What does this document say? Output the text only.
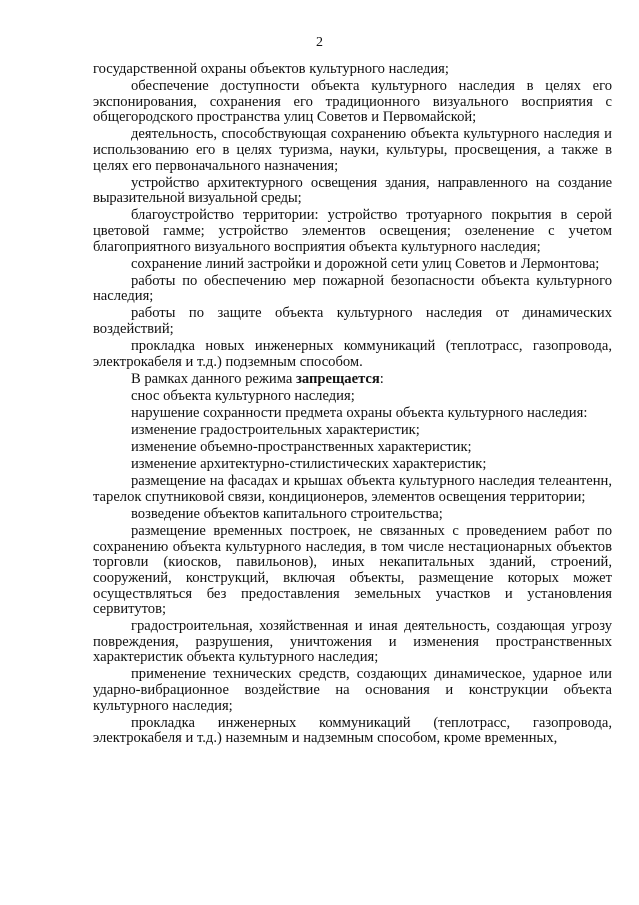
2

государственной охраны объектов культурного наследия;

обеспечение доступности объекта культурного наследия в целях его экспонирования, сохранения его традиционного визуального восприятия с общегородского пространства улиц Советов и Первомайской;

деятельность, способствующая сохранению объекта культурного наследия и использованию его в целях туризма, науки, культуры, просвещения, а также в целях его первоначального назначения;

устройство архитектурного освещения здания, направленного на создание выразительной визуальной среды;

благоустройство территории: устройство тротуарного покрытия в серой цветовой гамме; устройство элементов освещения; озеленение с учетом благоприятного визуального восприятия объекта культурного наследия;

сохранение линий застройки и дорожной сети улиц Советов и Лермонтова;

работы по обеспечению мер пожарной безопасности объекта культурного наследия;

работы по защите объекта культурного наследия от динамических воздействий;

прокладка новых инженерных коммуникаций (теплотрасс, газопровода, электрокабеля и т.д.) подземным способом.

В рамках данного режима запрещается:

снос объекта культурного наследия;

нарушение сохранности предмета охраны объекта культурного наследия:

изменение градостроительных характеристик;

изменение объемно-пространственных характеристик;

изменение архитектурно-стилистических характеристик;

размещение на фасадах и крышах объекта культурного наследия телеантенн, тарелок спутниковой связи, кондиционеров, элементов освещения территории;

возведение объектов капитального строительства;

размещение временных построек, не связанных с проведением работ по сохранению объекта культурного наследия, в том числе нестационарных объектов торговли (киосков, павильонов), иных некапитальных зданий, строений, сооружений, конструкций, включая объекты, размещение которых может осуществляться без предоставления земельных участков и установления сервитутов;

градостроительная, хозяйственная и иная деятельность, создающая угрозу повреждения, разрушения, уничтожения и изменения пространственных характеристик объекта культурного наследия;

применение технических средств, создающих динамическое, ударное или ударно-вибрационное воздействие на основания и конструкции объекта культурного наследия;

прокладка инженерных коммуникаций (теплотрасс, газопровода, электрокабеля и т.д.) наземным и надземным способом, кроме временных,
